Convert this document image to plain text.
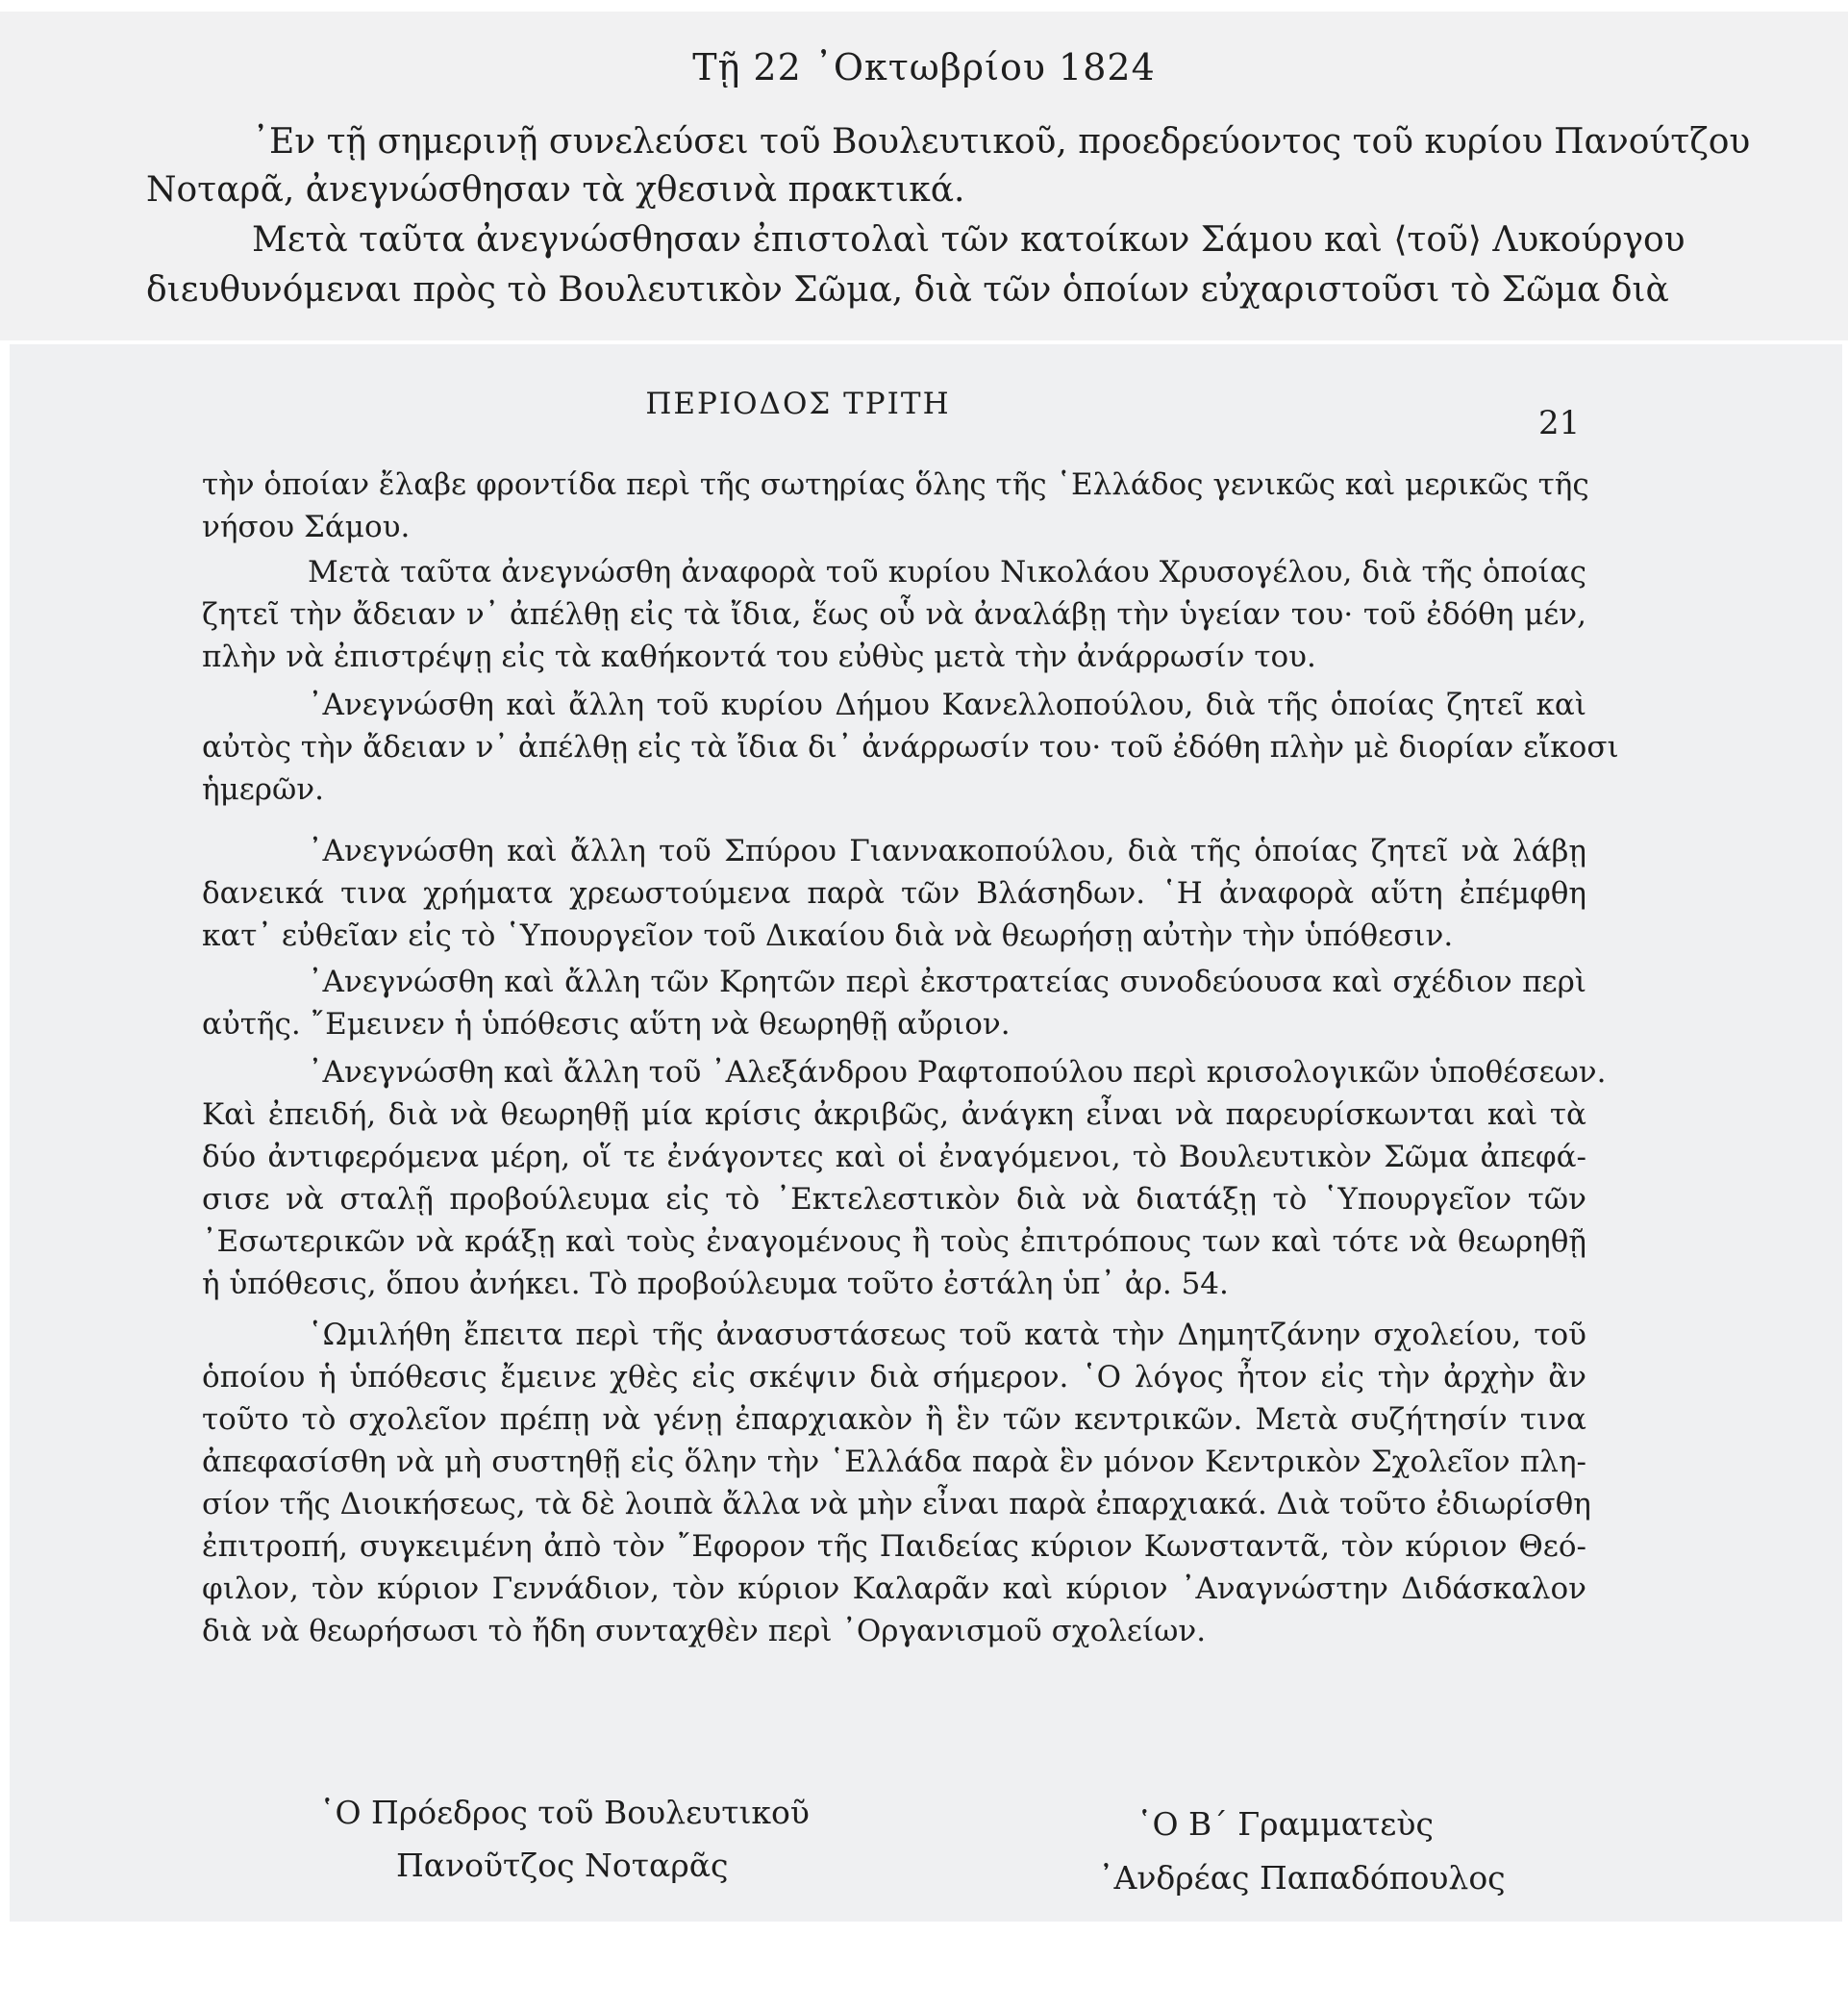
Τῇ 22 ᾿Οκτωβρίου 1824
᾿Εν τῇ σημερινῇ συνελεύσει τοῦ Βουλευτικοῦ, προεδρεύοντος τοῦ κυρίου Πανούτζου
Νοταρᾶ, ἀνεγνώσθησαν τὰ χθεσινὰ πρακτικά.
Μετὰ ταῦτα ἀνεγνώσθησαν ἐπιστολαὶ τῶν κατοίκων Σάμου καὶ ⟨τοῦ⟩ Λυκούργου
διευθυνόμεναι πρὸς τὸ Βουλευτικὸν Σῶμα, διὰ τῶν ὁποίων εὐχαριστοῦσι τὸ Σῶμα διὰ
ΠΕΡΙΟΔΟΣ ΤΡΙΤΗ	21
τὴν ὁποίαν ἔλαβε φροντίδα περὶ τῆς σωτηρίας ὅλης τῆς ῾Ελλάδος γενικῶς καὶ μερικῶς τῆς
νήσου Σάμου.
Μετὰ ταῦτα ἀνεγνώσθη ἀναφορὰ τοῦ κυρίου Νικολάου Χρυσογέλου, διὰ τῆς ὁποίας
ζητεῖ τὴν ἄδειαν ν᾿ ἀπέλθῃ εἰς τὰ ἴδια, ἕως οὗ νὰ ἀναλάβῃ τὴν ὑγείαν του· τοῦ ἐδόθη μέν,
πλὴν νὰ ἐπιστρέψῃ εἰς τὰ καθήκοντά του εὐθὺς μετὰ τὴν ἀνάρρωσίν του.
᾿Ανεγνώσθη καὶ ἄλλη τοῦ κυρίου Δήμου Κανελλοπούλου, διὰ τῆς ὁποίας ζητεῖ καὶ
αὐτὸς τὴν ἄδειαν ν᾿ ἀπέλθῃ εἰς τὰ ἴδια δι᾿ ἀνάρρωσίν του· τοῦ ἐδόθη πλὴν μὲ διορίαν εἴκοσι
ἡμερῶν.
᾿Ανεγνώσθη καὶ ἄλλη τοῦ Σπύρου Γιαννακοπούλου, διὰ τῆς ὁποίας ζητεῖ νὰ λάβῃ
δανεικά τινα χρήματα χρεωστούμενα παρὰ τῶν Βλάσηδων. ῾Η ἀναφορὰ αὕτη ἐπέμφθη
κατ᾿ εὐθεῖαν εἰς τὸ ῾Υπουργεῖον τοῦ Δικαίου διὰ νὰ θεωρήσῃ αὐτὴν τὴν ὑπόθεσιν.
᾿Ανεγνώσθη καὶ ἄλλη τῶν Κρητῶν περὶ ἐκστρατείας συνοδεύουσα καὶ σχέδιον περὶ
αὐτῆς. ῎Εμεινεν ἡ ὑπόθεσις αὕτη νὰ θεωρηθῇ αὔριον.
᾿Ανεγνώσθη καὶ ἄλλη τοῦ ᾿Αλεξάνδρου Ραφτοπούλου περὶ κρισολογικῶν ὑποθέσεων.
Καὶ ἐπειδή, διὰ νὰ θεωρηθῇ μία κρίσις ἀκριβῶς, ἀνάγκη εἶναι νὰ παρευρίσκωνται καὶ τὰ
δύο ἀντιφερόμενα μέρη, οἵ τε ἐνάγοντες καὶ οἱ ἐναγόμενοι, τὸ Βουλευτικὸν Σῶμα ἀπεφά-
σισε νὰ σταλῇ προβούλευμα εἰς τὸ ᾿Εκτελεστικὸν διὰ νὰ διατάξῃ τὸ ῾Υπουργεῖον τῶν
᾿Εσωτερικῶν νὰ κράξῃ καὶ τοὺς ἐναγομένους ἢ τοὺς ἐπιτρόπους των καὶ τότε νὰ θεωρηθῇ
ἡ ὑπόθεσις, ὅπου ἀνήκει. Τὸ προβούλευμα τοῦτο ἐστάλη ὑπ᾿ ἀρ. 54.
῾Ωμιλήθη ἔπειτα περὶ τῆς ἀνασυστάσεως τοῦ κατὰ τὴν Δημητζάνην σχολείου, τοῦ
ὁποίου ἡ ὑπόθεσις ἔμεινε χθὲς εἰς σκέψιν διὰ σήμερον. ῾Ο λόγος ἦτον εἰς τὴν ἀρχὴν ἂν
τοῦτο τὸ σχολεῖον πρέπῃ νὰ γένῃ ἐπαρχιακὸν ἢ ἓν τῶν κεντρικῶν. Μετὰ συζήτησίν τινα
ἀπεφασίσθη νὰ μὴ συστηθῇ εἰς ὅλην τὴν ῾Ελλάδα παρὰ ἓν μόνον Κεντρικὸν Σχολεῖον πλη-
σίον τῆς Διοικήσεως, τὰ δὲ λοιπὰ ἄλλα νὰ μὴν εἶναι παρὰ ἐπαρχιακά. Διὰ τοῦτο ἐδιωρίσθη
ἐπιτροπή, συγκειμένη ἀπὸ τὸν ῎Εφορον τῆς Παιδείας κύριον Κωνσταντᾶ, τὸν κύριον Θεό-
φιλον, τὸν κύριον Γεννάδιον, τὸν κύριον Καλαρᾶν καὶ κύριον ᾿Αναγνώστην Διδάσκαλον
διὰ νὰ θεωρήσωσι τὸ ἤδη συνταχθὲν περὶ ᾿Οργανισμοῦ σχολείων.
῾Ο Πρόεδρος τοῦ Βουλευτικοῦ
Πανοῦτζος Νοταρᾶς
῾Ο Β´ Γραμματεὺς
᾿Ανδρέας Παπαδόπουλος
